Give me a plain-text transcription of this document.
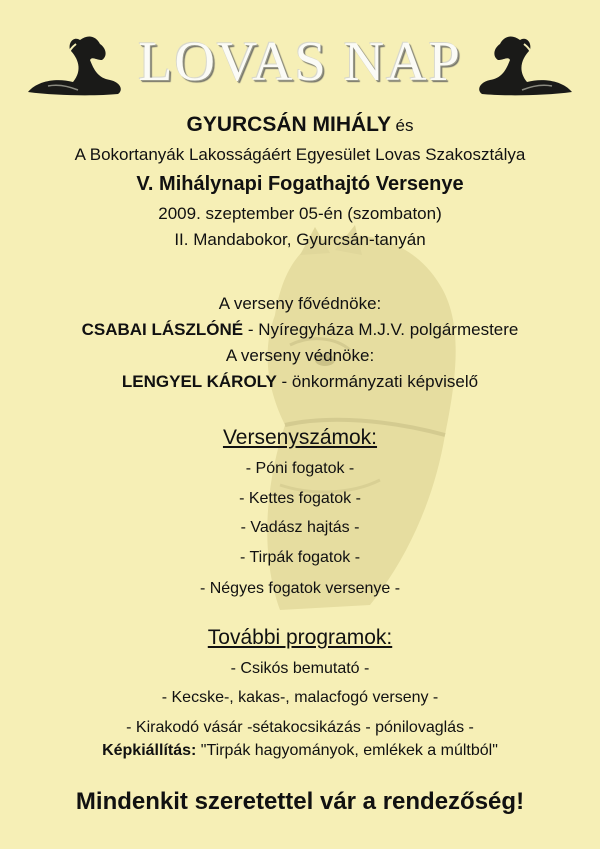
LOVAS NAP
GYURCSÁN MIHÁLY és
A Bokortanyák Lakosságáért Egyesület Lovas Szakosztálya
V. Mihálynapi Fogathajtó Versenye
2009. szeptember 05-én (szombaton)
II. Mandabokor, Gyurcsán-tanyán
A verseny fővédnöke:
CSABAI LÁSZLÓNÉ - Nyíregyháza M.J.V. polgármestere
A verseny védnöke:
LENGYEL KÁROLY - önkormányzati képviselő
Versenyszámok:
- Póni fogatok -
- Kettes fogatok -
- Vadász hajtás -
- Tirpák fogatok -
- Négyes fogatok versenye -
További programok:
- Csikós bemutató -
- Kecske-, kakas-, malacfogó verseny -
- Kirakodó vásár -sétakocsikázás - pónilovaglás -
Képkiállítás: "Tirpák hagyományok, emlékek a múltból"
Mindenkit szeretettel vár a rendezőség!
